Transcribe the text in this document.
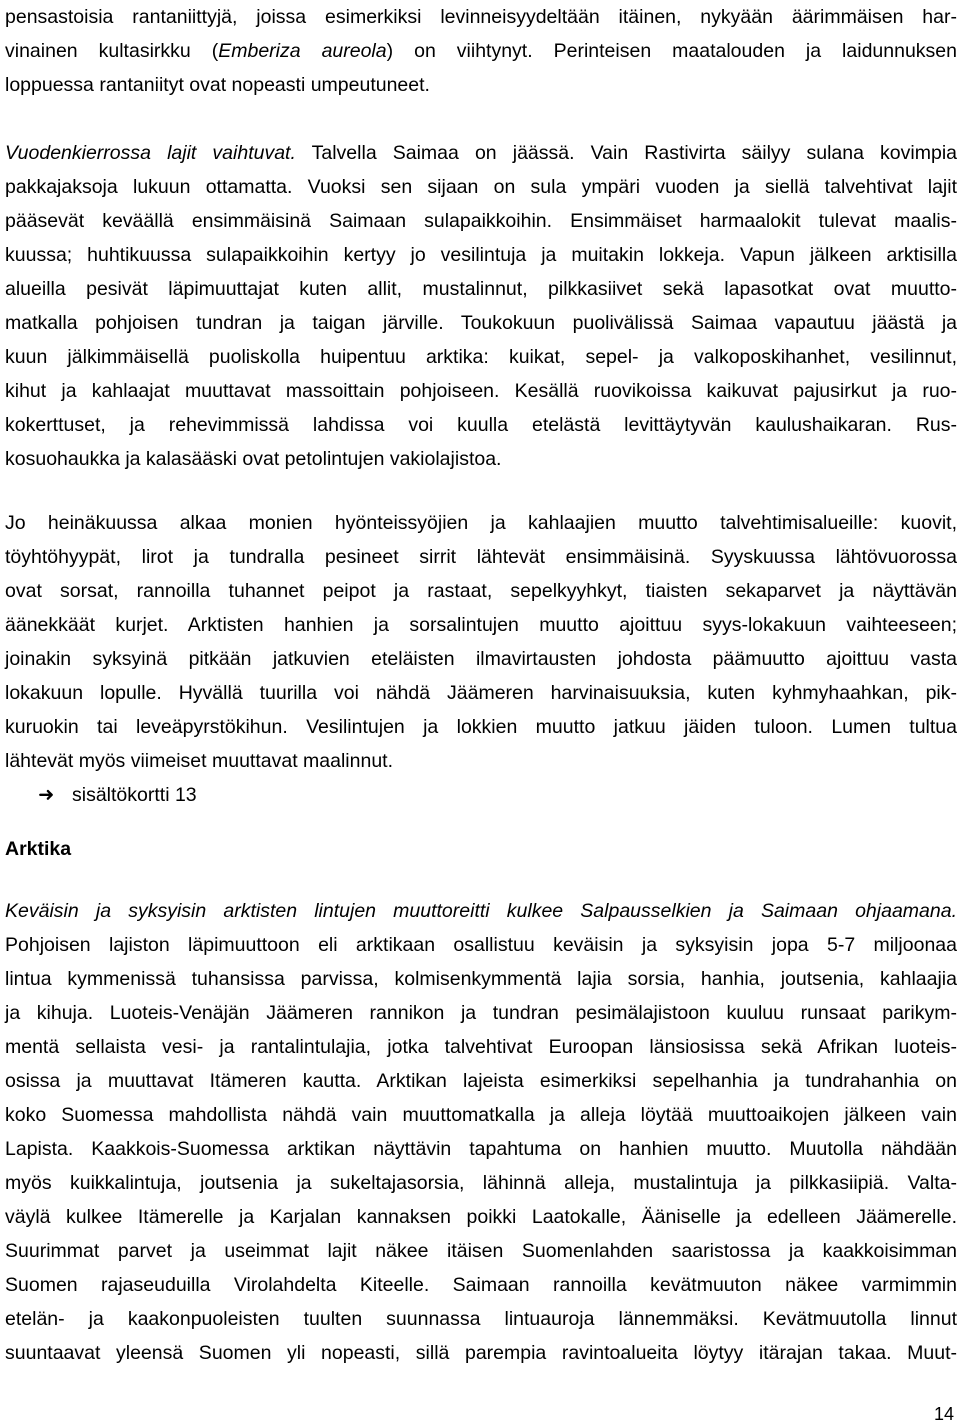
pensastoisia rantaniittyjä, joissa esimerkiksi levinneisyydeltään itäinen, nykyään äärimmäisen har-
vinainen kultasirkku (Emberiza aureola) on viihtynyt. Perinteisen maatalouden ja laidunnuksen
loppuessa rantaniityt ovat nopeasti umpeutuneet.
Vuodenkierrossa lajit vaihtuvat. Talvella Saimaa on jäässä. Vain Rastivirta säilyy sulana kovimpia
pakkajaksoja lukuun ottamatta. Vuoksi sen sijaan on sula ympäri vuoden ja siellä talvehtivat lajit
pääsevät keväällä ensimmäisinä Saimaan sulapaikkoihin. Ensimmäiset harmaalokit tulevat maalis-
kuussa; huhtikuussa sulapaikkoihin kertyy jo vesilintuja ja muitakin lokkeja. Vapun jälkeen arktisilla
alueilla pesivät läpimuuttajat kuten allit, mustalinnut, pilkkasiivet sekä lapasotkat ovat muutto-
matkalla pohjoisen tundran ja taigan järville. Toukokuun puolivälissä Saimaa vapautuu jäästä ja
kuun jälkimmäisellä puoliskolla huipentuu arktika: kuikat, sepel- ja valkoposkihanhet, vesilinnut,
kihut ja kahlaajat muuttavat massoittain pohjoiseen. Kesällä ruovikoissa kaikuvat pajusirkut ja ruo-
kokerttuset, ja rehevimmissä lahdissa voi kuulla etelästä levittäytyvän kaulushaikaran. Rus-
kosuohaukka ja kalasääski ovat petolintujen vakiolajistoa.
Jo heinäkuussa alkaa monien hyönteissyöjien ja kahlaajien muutto talvehtimisalueille: kuovit,
töyhtöhyypät, lirot ja tundralla pesineet sirrit lähtevät ensimmäisinä. Syyskuussa lähtövuorossa
ovat sorsat, rannoilla tuhannet peipot ja rastaat, sepelkyyhkyt, tiaisten sekaparvet ja näyttävän
äänekkäät kurjet. Arktisten hanhien ja sorsalintujen muutto ajoittuu syys-lokakuun vaihteeseen;
joinakin syksyinä pitkään jatkuvien eteläisten ilmavirtausten johdosta päämuutto ajoittuu vasta
lokakuun lopulle. Hyvällä tuurilla voi nähdä Jäämeren harvinaisuuksia, kuten kyhmyhaahkan, pik-
kuruokin tai leveäpyrstökihun. Vesilintujen ja lokkien muutto jatkuu jäiden tuloon. Lumen tultua
lähtevät myös viimeiset muuttavat maalinnut.
➜ sisältökortti 13
Arktika
Keväisin ja syksyisin arktisten lintujen muuttoreitti kulkee Salpausselkien ja Saimaan ohjaamana.
Pohjoisen lajiston läpimuuttoon eli arktikaan osallistuu keväisin ja syksyisin jopa 5-7 miljoonaa
lintua kymmenissä tuhansissa parvissa, kolmisenkymmentä lajia sorsia, hanhia, joutsenia, kahlaajia
ja kihuja. Luoteis-Venäjän Jäämeren rannikon ja tundran pesimälajistoon kuuluu runsaat parikym-
mentä sellaista vesi- ja rantalintulajia, jotka talvehtivat Euroopan länsiosissa sekä Afrikan luoteis-
osissa ja muuttavat Itämeren kautta. Arktikan lajeista esimerkiksi sepelhanhia ja tundrahanhia on
koko Suomessa mahdollista nähdä vain muuttomatkalla ja alleja löytää muuttoaikojen jälkeen vain
Lapista. Kaakkois-Suomessa arktikan näyttävin tapahtuma on hanhien muutto. Muutolla nähdään
myös kuikkalintuja, joutsenia ja sukeltajasorsia, lähinnä alleja, mustalintuja ja pilkkasiipiä. Valta-
väylä kulkee Itämerelle ja Karjalan kannaksen poikki Laatokalle, Ääniselle ja edelleen Jäämerelle.
Suurimmat parvet ja useimmat lajit näkee itäisen Suomenlahden saaristossa ja kaakkoisimman
Suomen rajaseuduilla Virolahdelta Kiteelle. Saimaan rannoilla kevätmuuton näkee varmimmin
etelän- ja kaakonpuoleisten tuulten suunnassa lintuauroja lännemmäksi. Kevätmuutolla linnut
suuntaavat yleensä Suomen yli nopeasti, sillä parempia ravintoalueita löytyy itärajan takaa. Muut-
14
